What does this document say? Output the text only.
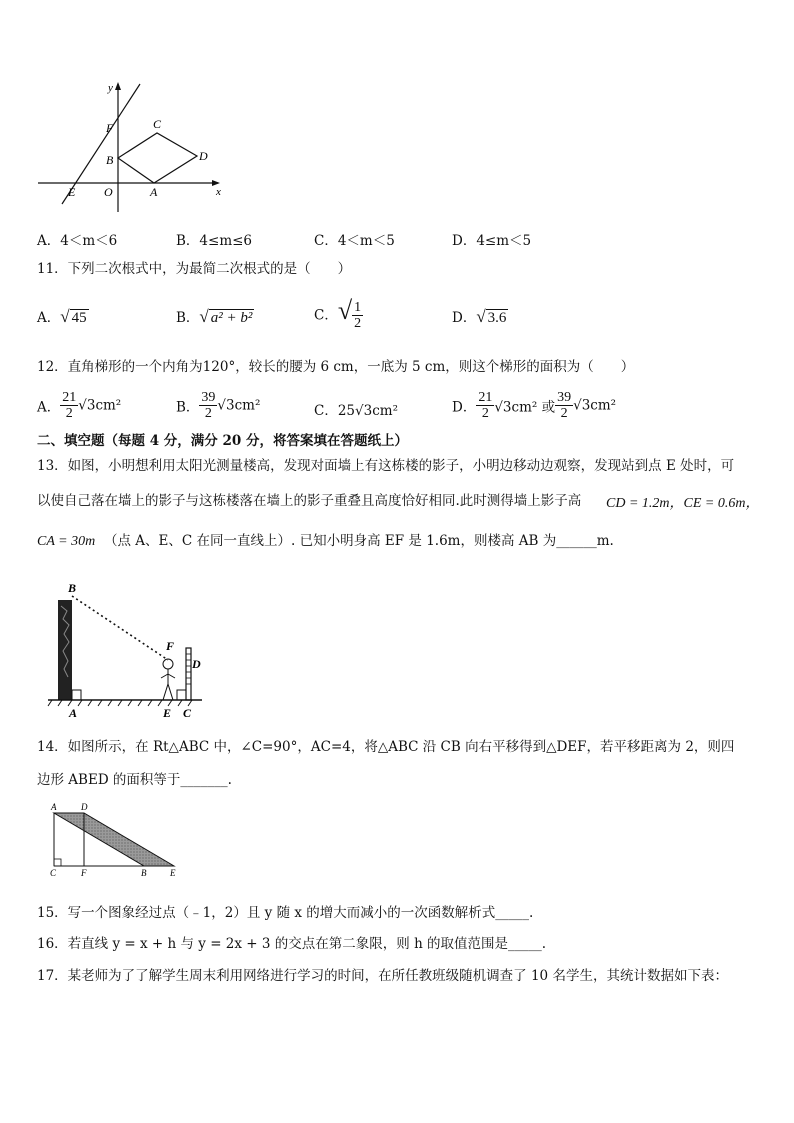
y
x
F	C
B	D
E O	A
A．4＜m＜6	B．4≤m≤6	C．4＜m＜5	D．4≤m＜5
11．下列二次根式中，为最简二次根式的是（　　）
A．√ 45	B．√ a² + b²	C．√ $\frac{1}{2}$	D．√ 3.6
12．直角梯形的一个内角为120°，较长的腰为 6 cm，一底为 5 cm，则这个梯形的面积为（　　）
A． $\frac{21}{2} √3cm^2$	B． $\frac{39}{2} √3cm^2$	C．25√3cm²	D． $\frac{21}{2} √3cm^2$ 或 $\frac{39}{2} √3cm^2$
二、填空题（每题 4 分，满分 20 分，将答案填在答题纸上）
13．如图，小明想利用太阳光测量楼高，发现对面墙上有这栋楼的影子，小明边移动边观察，发现站到点 E 处时，可
以使自己落在墙上的影子与这栋楼落在墙上的影子重叠且高度恰好相同.此时测得墙上影子高 CD = 1.2m，CE = 0.6m，
CA = 30m （点 A、E、C 在同一直线上）. 已知小明身高 EF 是 1.6m，则楼高 AB 为______m.
B
F
D
A	E C
14．如图所示，在 Rt△ABC 中，∠C=90°，AC=4，将△ABC 沿 CB 向右平移得到△DEF，若平移距离为 2，则四
边形 ABED 的面积等于_______.
A	D
C	F	B	E
15．写一个图象经过点（﹣1，2）且 y 随 x 的增大而减小的一次函数解析式_____.
16．若直线 y = x + h 与 y = 2x + 3 的交点在第二象限，则 h 的取值范围是_____.
17．某老师为了了解学生周末利用网络进行学习的时间，在所任教班级随机调查了 10 名学生，其统计数据如下表：
